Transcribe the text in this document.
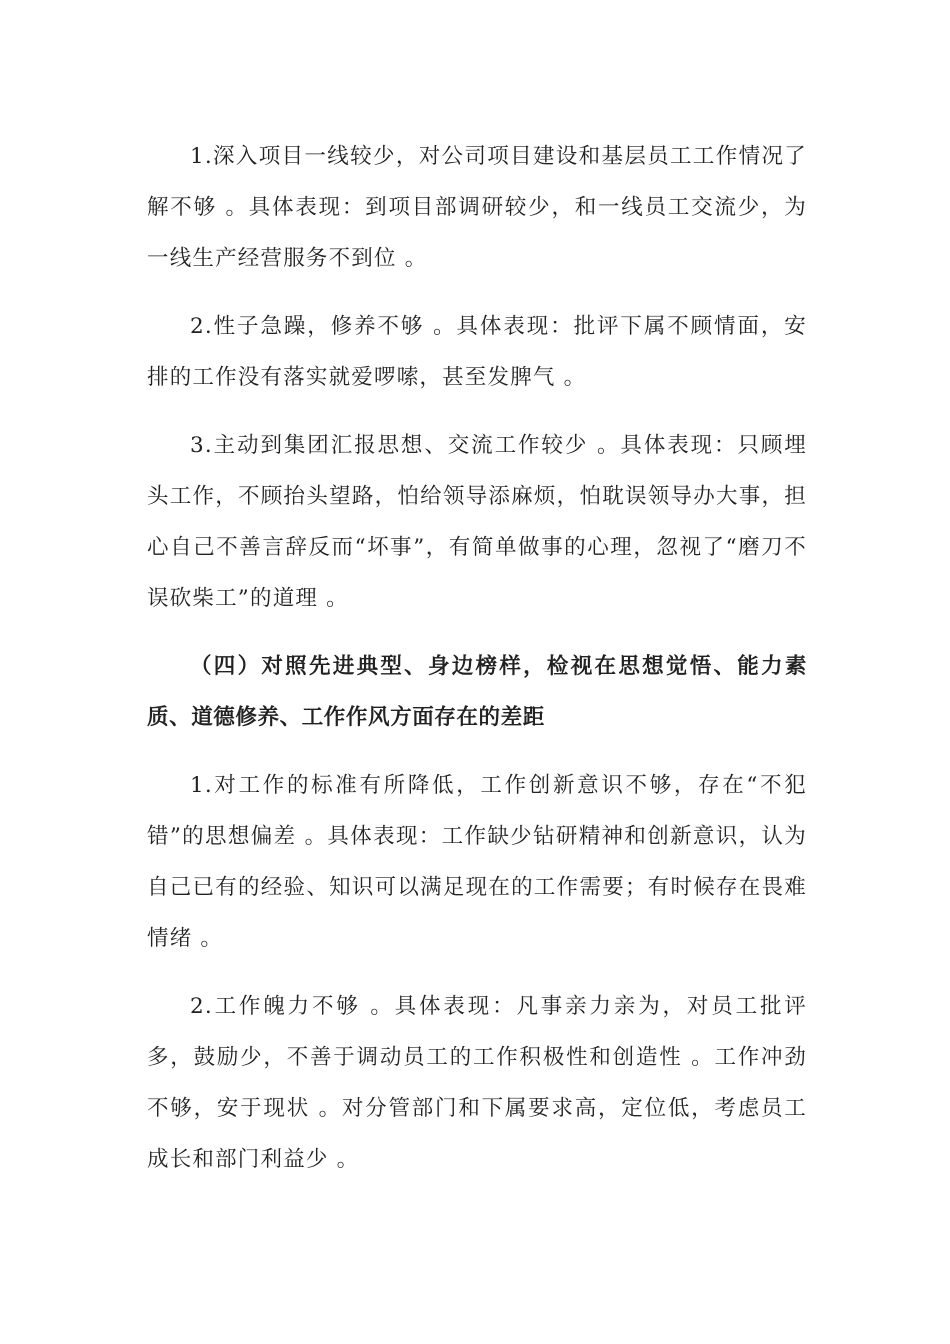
1.深入项目一线较少，对公司项目建设和基层员工工作情况了解不够 。具体表现：到项目部调研较少，和一线员工交流少，为一线生产经营服务不到位 。

2.性子急躁，修养不够 。具体表现：批评下属不顾情面，安排的工作没有落实就爱啰嗦，甚至发脾气 。

3.主动到集团汇报思想、交流工作较少 。具体表现：只顾埋头工作，不顾抬头望路，怕给领导添麻烦，怕耽误领导办大事，担心自己不善言辞反而“坏事”，有简单做事的心理，忽视了“磨刀不误砍柴工”的道理 。

（四）对照先进典型、身边榜样，检视在思想觉悟、能力素质、道德修养、工作作风方面存在的差距

1.对工作的标准有所降低，工作创新意识不够，存在“不犯错”的思想偏差 。具体表现：工作缺少钻研精神和创新意识，认为自己已有的经验、知识可以满足现在的工作需要；有时候存在畏难情绪 。

2.工作魄力不够 。具体表现：凡事亲力亲为，对员工批评多，鼓励少，不善于调动员工的工作积极性和创造性 。工作冲劲不够，安于现状 。对分管部门和下属要求高，定位低，考虑员工成长和部门利益少 。
